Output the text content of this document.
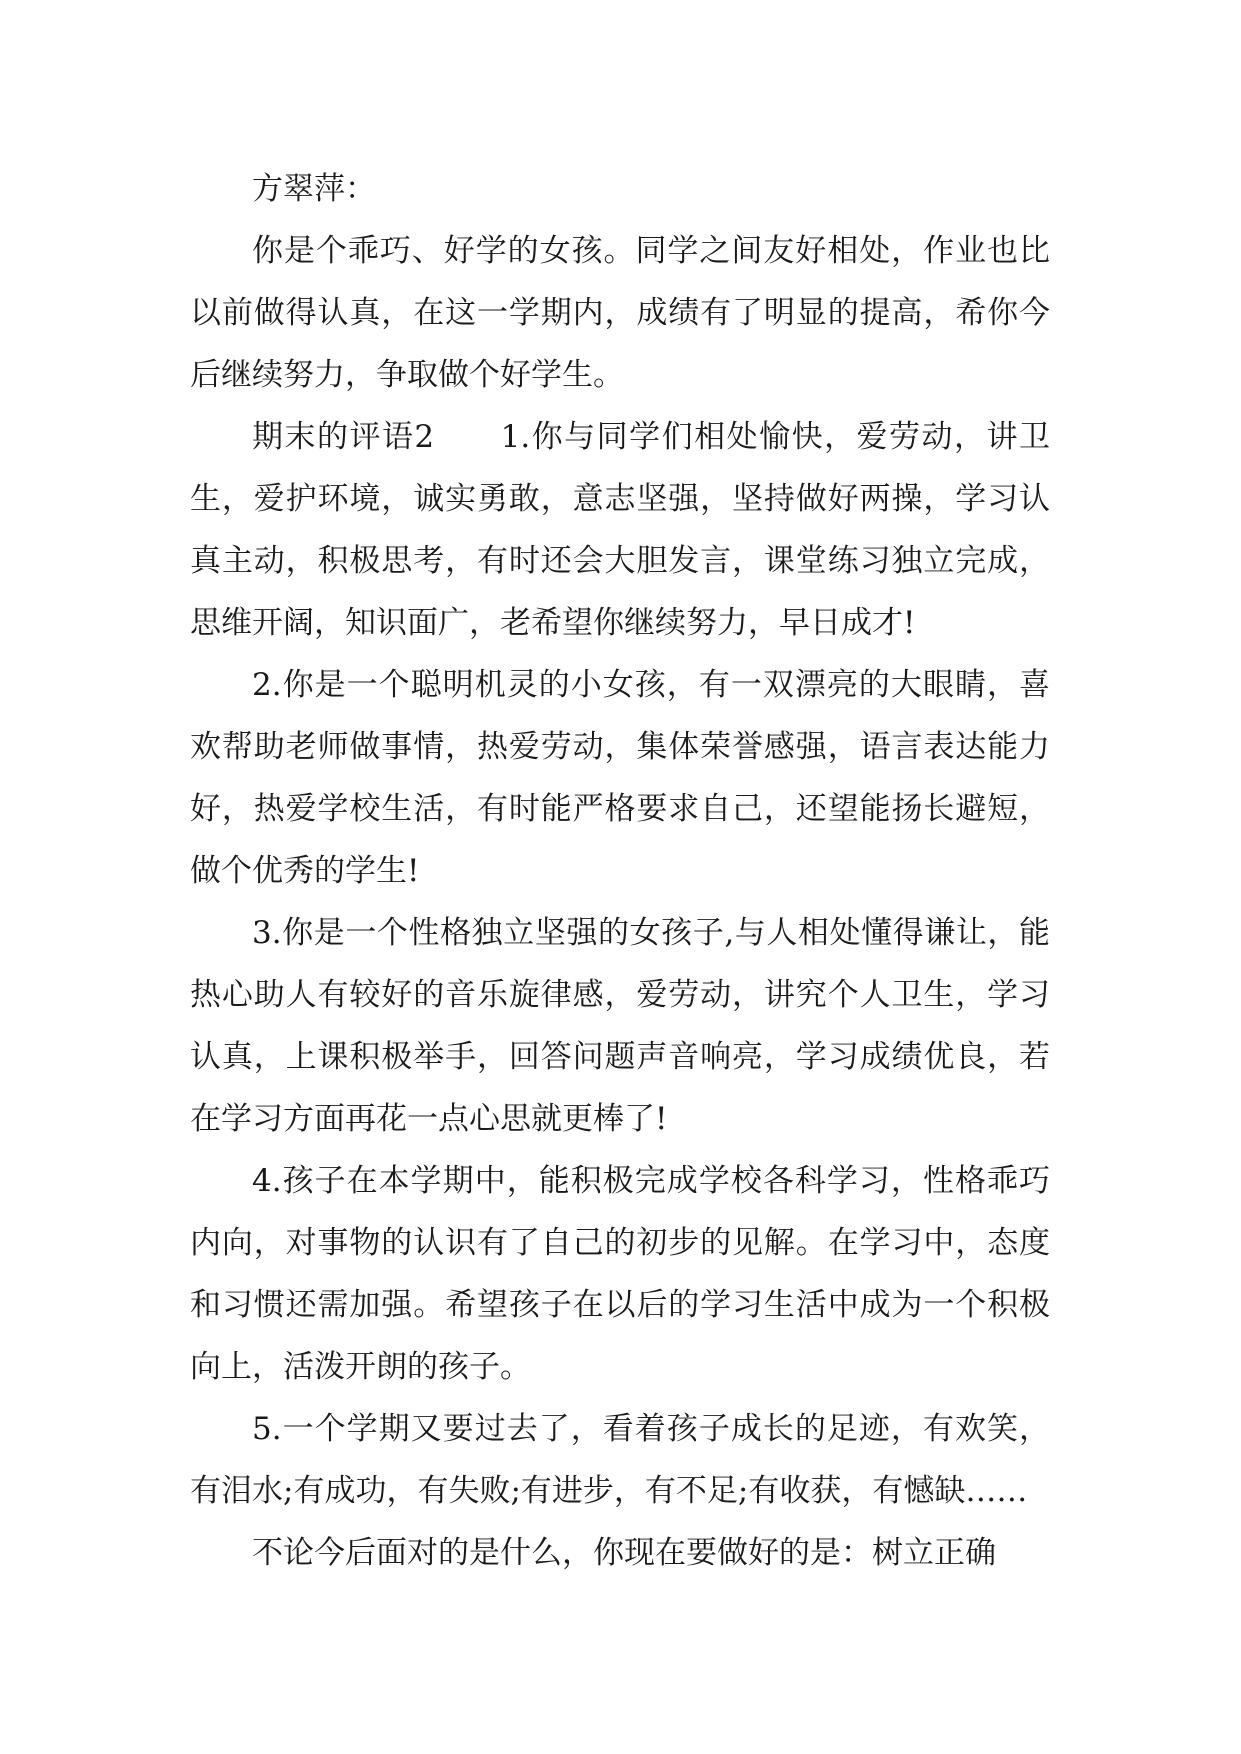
方翠萍：

你是个乖巧、好学的女孩。同学之间友好相处，作业也比以前做得认真，在这一学期内，成绩有了明显的提高，希你今后继续努力，争取做个好学生。

期末的评语2　　1.你与同学们相处愉快，爱劳动，讲卫生，爱护环境，诚实勇敢，意志坚强，坚持做好两操，学习认真主动，积极思考，有时还会大胆发言，课堂练习独立完成，思维开阔，知识面广，老希望你继续努力，早日成才!

2.你是一个聪明机灵的小女孩，有一双漂亮的大眼睛，喜欢帮助老师做事情，热爱劳动，集体荣誉感强，语言表达能力好，热爱学校生活，有时能严格要求自己，还望能扬长避短，做个优秀的学生!

3.你是一个性格独立坚强的女孩子,与人相处懂得谦让，能热心助人有较好的音乐旋律感，爱劳动，讲究个人卫生，学习认真，上课积极举手，回答问题声音响亮，学习成绩优良，若在学习方面再花一点心思就更棒了!

4.孩子在本学期中，能积极完成学校各科学习，性格乖巧内向，对事物的认识有了自己的初步的见解。在学习中，态度和习惯还需加强。希望孩子在以后的学习生活中成为一个积极向上，活泼开朗的孩子。

5.一个学期又要过去了，看着孩子成长的足迹，有欢笑，有泪水;有成功，有失败;有进步，有不足;有收获，有憾缺……

不论今后面对的是什么，你现在要做好的是：树立正确
